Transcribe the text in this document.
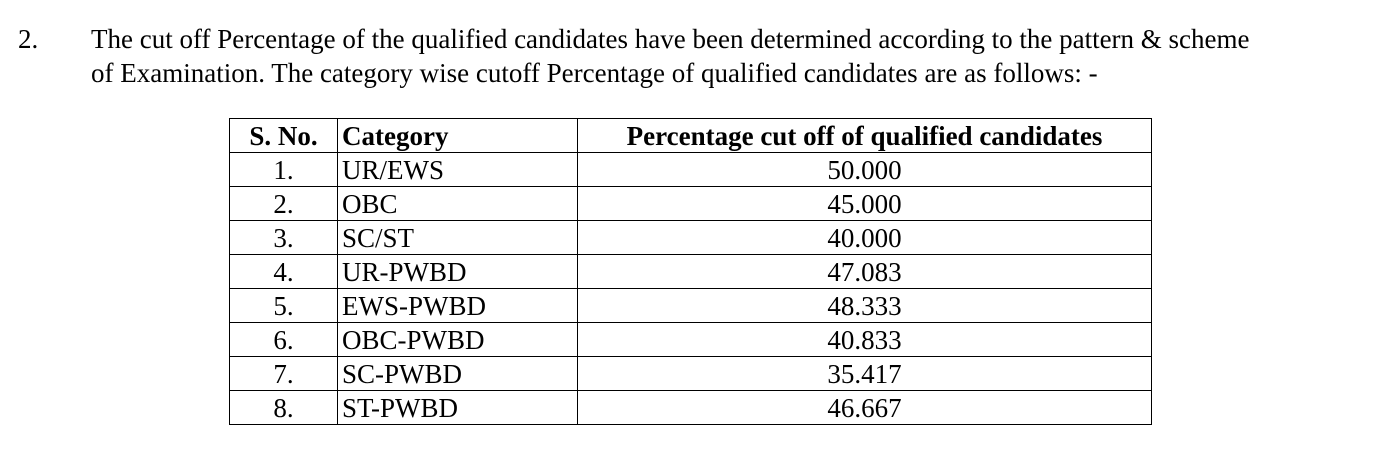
2. The cut off Percentage of the qualified candidates have been determined according to the pattern & scheme
of Examination. The category wise cutoff Percentage of qualified candidates are as follows: -
S. No.	Category	Percentage cut off of qualified candidates
1.	UR/EWS	50.000
2.	OBC	45.000
3.	SC/ST	40.000
4.	UR-PWBD	47.083
5.	EWS-PWBD	48.333
6.	OBC-PWBD	40.833
7.	SC-PWBD	35.417
8.	ST-PWBD	46.667
